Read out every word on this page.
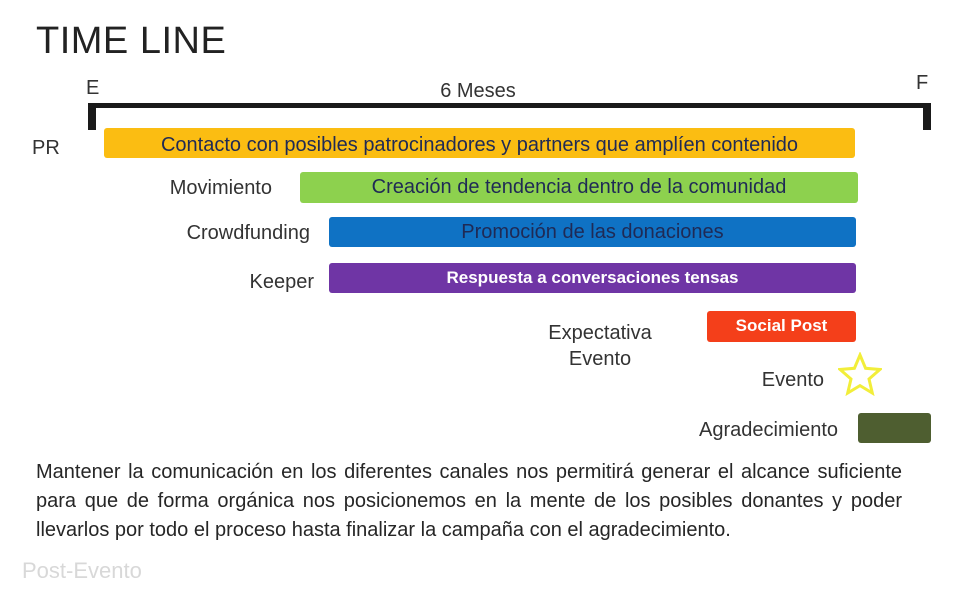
TIME LINE
E	F
6 Meses
PR	Contacto con posibles patrocinadores y partners que amplíen contenido
Movimiento	Creación de tendencia dentro de la comunidad
Crowdfunding	Promoción de las donaciones
Keeper	Respuesta a conversaciones tensas
Expectativa Evento
Social Post
Evento
Agradecimiento
Post-Evento
Mantener la comunicación en los diferentes canales nos permitirá generar el alcance suficiente para que de forma orgánica nos posicionemos en la mente de los posibles donantes y poder llevarlos por todo el proceso hasta finalizar la campaña con el agradecimiento.
